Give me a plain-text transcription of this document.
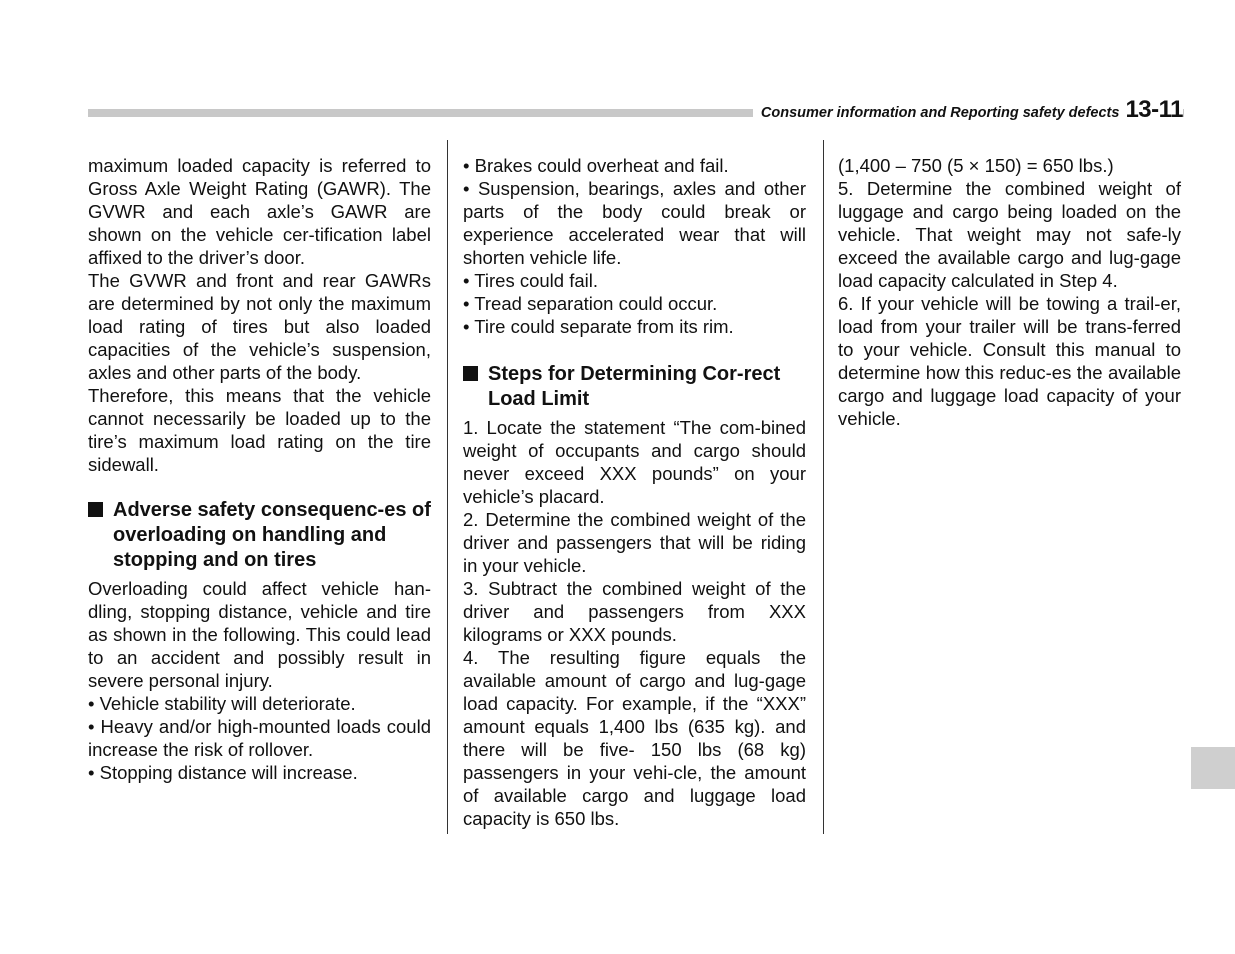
Consumer information and Reporting safety defects 13-11

maximum loaded capacity is referred to Gross Axle Weight Rating (GAWR). The GVWR and each axle’s GAWR are shown on the vehicle cer-tification label affixed to the driver’s door.

The GVWR and front and rear GAWRs are determined by not only the maximum load rating of tires but also loaded capacities of the vehicle’s suspension, axles and other parts of the body.

Therefore, this means that the vehicle cannot necessarily be loaded up to the tire’s maximum load rating on the tire sidewall.

Adverse safety consequenc-es of overloading on handling and stopping and on tires

Overloading could affect vehicle han-dling, stopping distance, vehicle and tire as shown in the following. This could lead to an accident and possibly result in severe personal injury.

• Vehicle stability will deteriorate.

• Heavy and/or high-mounted loads could increase the risk of rollover.

• Stopping distance will increase.

• Brakes could overheat and fail.

• Suspension, bearings, axles and other parts of the body could break or experience accelerated wear that will shorten vehicle life.

• Tires could fail.

• Tread separation could occur.

• Tire could separate from its rim.

Steps for Determining Cor-rect Load Limit

1. Locate the statement “The com-bined weight of occupants and cargo should never exceed XXX pounds” on your vehicle’s placard.

2. Determine the combined weight of the driver and passengers that will be riding in your vehicle.

3. Subtract the combined weight of the driver and passengers from XXX kilograms or XXX pounds.

4. The resulting figure equals the available amount of cargo and lug-gage load capacity. For example, if the “XXX” amount equals 1,400 lbs (635 kg). and there will be five- 150 lbs (68 kg) passengers in your vehi-cle, the amount of available cargo and luggage load capacity is 650 lbs.

(1,400 – 750 (5 × 150) = 650 lbs.)

5. Determine the combined weight of luggage and cargo being loaded on the vehicle. That weight may not safe-ly exceed the available cargo and lug-gage load capacity calculated in Step 4.

6. If your vehicle will be towing a trail-er, load from your trailer will be trans-ferred to your vehicle. Consult this manual to determine how this reduc-es the available cargo and luggage load capacity of your vehicle.
